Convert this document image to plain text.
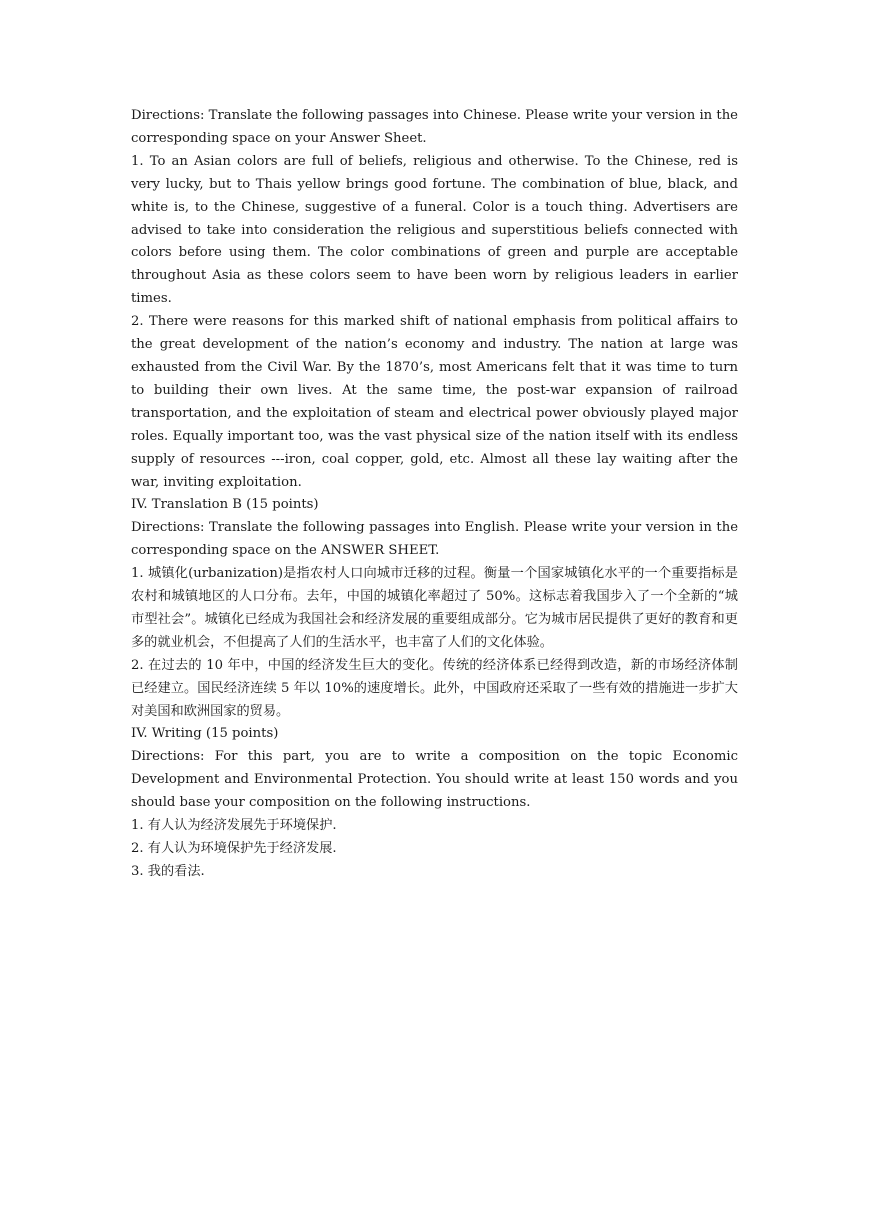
Directions: Translate the following passages into Chinese. Please write your version in the corresponding space on your Answer Sheet.

1. To an Asian colors are full of beliefs, religious and otherwise. To the Chinese, red is very lucky, but to Thais yellow brings good fortune. The combination of blue, black, and white is, to the Chinese, suggestive of a funeral. Color is a touch thing. Advertisers are advised to take into consideration the religious and superstitious beliefs connected with colors before using them. The color combinations of green and purple are acceptable throughout Asia as these colors seem to have been worn by religious leaders in earlier times.

2. There were reasons for this marked shift of national emphasis from political affairs to the great development of the nation’s economy and industry. The nation at large was exhausted from the Civil War. By the 1870’s, most Americans felt that it was time to turn to building their own lives. At the same time, the post-war expansion of railroad transportation, and the exploitation of steam and electrical power obviously played major roles. Equally important too, was the vast physical size of the nation itself with its endless supply of resources ---iron, coal copper, gold, etc. Almost all these lay waiting after the war, inviting exploitation.

IV. Translation B (15 points)

Directions: Translate the following passages into English. Please write your version in the corresponding space on the ANSWER SHEET.

1. 城镇化(urbanization)是指农村人口向城市迁移的过程。衡量一个国家城镇化水平的一个重要指标是农村和城镇地区的人口分布。去年，中国的城镇化率超过了 50%。这标志着我国步入了一个全新的“城市型社会”。城镇化已经成为我国社会和经济发展的重要组成部分。它为城市居民提供了更好的教育和更多的就业机会，不但提高了人们的生活水平，也丰富了人们的文化体验。

2. 在过去的 10 年中，中国的经济发生巨大的变化。传统的经济体系已经得到改造，新的市场经济体制已经建立。国民经济连续 5 年以 10%的速度增长。此外，中国政府还采取了一些有效的措施进一步扩大对美国和欧洲国家的贸易。

IV. Writing (15 points)

Directions: For this part, you are to write a composition on the topic Economic Development and Environmental Protection. You should write at least 150 words and you should base your composition on the following instructions.

1. 有人认为经济发展先于环境保护.

2. 有人认为环境保护先于经济发展.

3. 我的看法.
